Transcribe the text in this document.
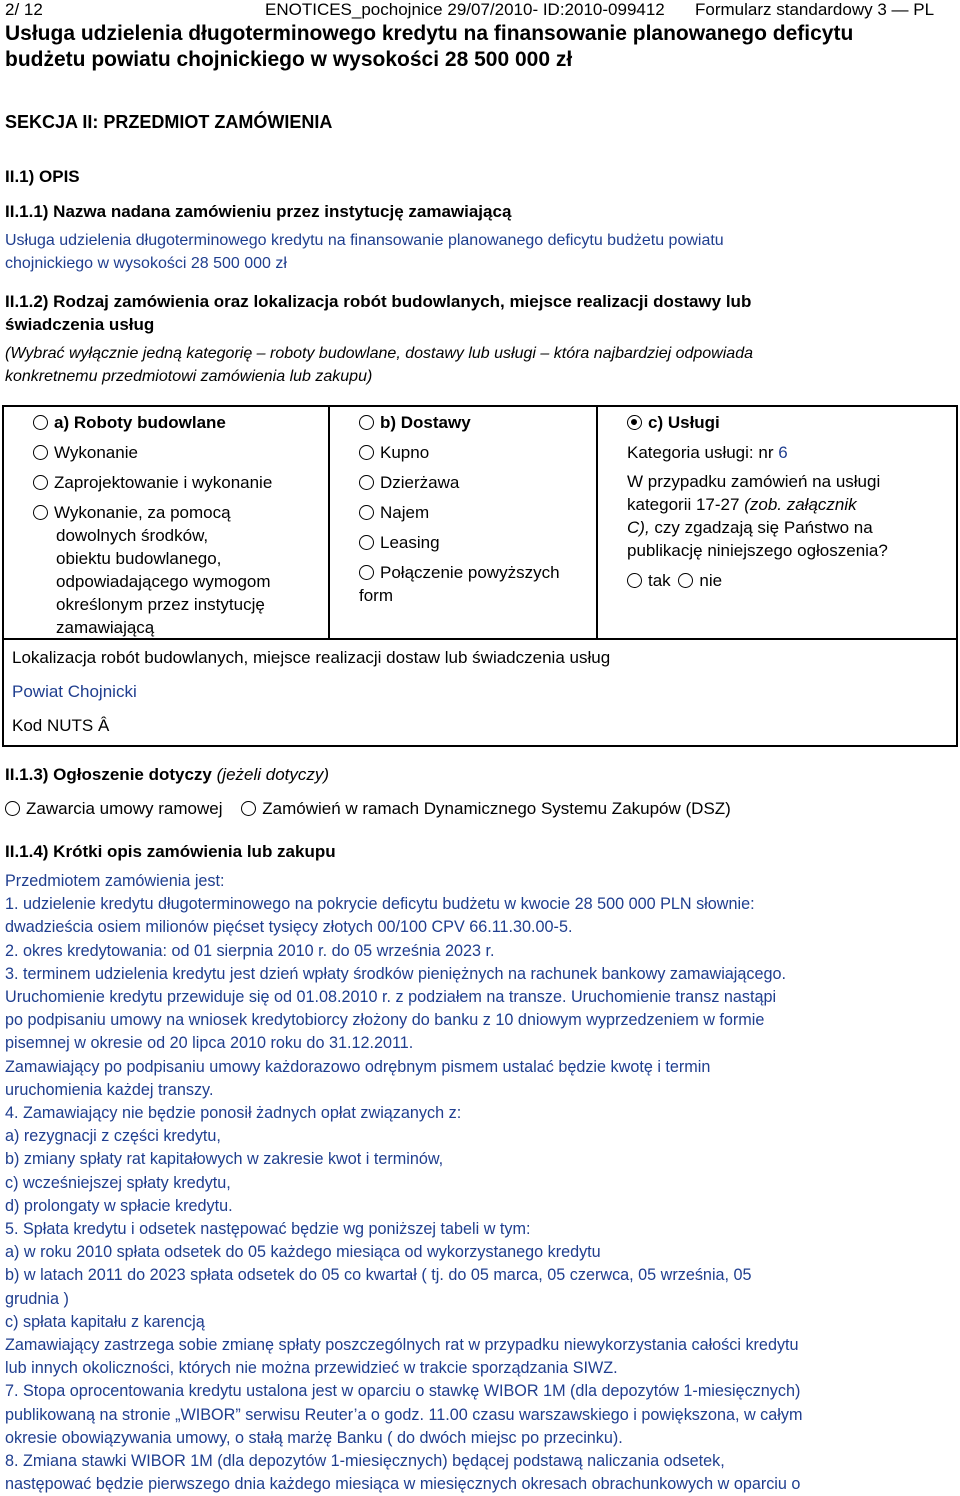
2/ 12	ENOTICES_pochojnice 29/07/2010- ID:2010-099412 Formularz standardowy 3 — PL
Usługa udzielenia długoterminowego kredytu na finansowanie planowanego deficytu
budżetu powiatu chojnickiego w wysokości 28 500 000 zł
SEKCJA II: PRZEDMIOT ZAMÓWIENIA
II.1) OPIS
II.1.1) Nazwa nadana zamówieniu przez instytucję zamawiającą
Usługa udzielenia długoterminowego kredytu na finansowanie planowanego deficytu budżetu powiatu
chojnickiego w wysokości 28 500 000 zł
II.1.2) Rodzaj zamówienia oraz lokalizacja robót budowlanych, miejsce realizacji dostawy lub
świadczenia usług
(Wybrać wyłącznie jedną kategorię – roboty budowlane, dostawy lub usługi – która najbardziej odpowiada
konkretnemu przedmiotowi zamówienia lub zakupu)
a) Roboty budowlane
Wykonanie
Zaprojektowanie i wykonanie
Wykonanie, za pomocą
dowolnych środków,
obiektu budowlanego,
odpowiadającego wymogom
określonym przez instytucję
zamawiającą
b) Dostawy
Kupno
Dzierżawa
Najem
Leasing
Połączenie powyższych
form
c) Usługi
Kategoria usługi: nr 6
W przypadku zamówień na usługi
kategorii 17-27 (zob. załącznik
C), czy zgadzają się Państwo na
publikację niniejszego ogłoszenia?
tak nie
Lokalizacja robót budowlanych, miejsce realizacji dostaw lub świadczenia usług
Powiat Chojnicki
Kod NUTS Â
II.1.3) Ogłoszenie dotyczy (jeżeli dotyczy)
Zawarcia umowy ramowej Zamówień w ramach Dynamicznego Systemu Zakupów (DSZ)
II.1.4) Krótki opis zamówienia lub zakupu
Przedmiotem zamówienia jest:
1. udzielenie kredytu długoterminowego na pokrycie deficytu budżetu w kwocie 28 500 000 PLN słownie:
dwadzieścia osiem milionów pięćset tysięcy złotych 00/100 CPV 66.11.30.00-5.
2. okres kredytowania: od 01 sierpnia 2010 r. do 05 września 2023 r.
3. terminem udzielenia kredytu jest dzień wpłaty środków pieniężnych na rachunek bankowy zamawiającego.
Uruchomienie kredytu przewiduje się od 01.08.2010 r. z podziałem na transze. Uruchomienie transz nastąpi
po podpisaniu umowy na wniosek kredytobiorcy złożony do banku z 10 dniowym wyprzedzeniem w formie
pisemnej w okresie od 20 lipca 2010 roku do 31.12.2011.
Zamawiający po podpisaniu umowy każdorazowo odrębnym pismem ustalać będzie kwotę i termin
uruchomienia każdej transzy.
4. Zamawiający nie będzie ponosił żadnych opłat związanych z:
a) rezygnacji z części kredytu,
b) zmiany spłaty rat kapitałowych w zakresie kwot i terminów,
c) wcześniejszej spłaty kredytu,
d) prolongaty w spłacie kredytu.
5. Spłata kredytu i odsetek następować będzie wg poniższej tabeli w tym:
a) w roku 2010 spłata odsetek do 05 każdego miesiąca od wykorzystanego kredytu
b) w latach 2011 do 2023 spłata odsetek do 05 co kwartał ( tj. do 05 marca, 05 czerwca, 05 września, 05
grudnia )
c) spłata kapitału z karencją
Zamawiający zastrzega sobie zmianę spłaty poszczególnych rat w przypadku niewykorzystania całości kredytu
lub innych okoliczności, których nie można przewidzieć w trakcie sporządzania SIWZ.
7. Stopa oprocentowania kredytu ustalona jest w oparciu o stawkę WIBOR 1M (dla depozytów 1-miesięcznych)
publikowaną na stronie „WIBOR” serwisu Reuter’a o godz. 11.00 czasu warszawskiego i powiększona, w całym
okresie obowiązywania umowy, o stałą marżę Banku ( do dwóch miejsc po przecinku).
8. Zmiana stawki WIBOR 1M (dla depozytów 1-miesięcznych) będącej podstawą naliczania odsetek,
następować będzie pierwszego dnia każdego miesiąca w miesięcznych okresach obrachunkowych w oparciu o
